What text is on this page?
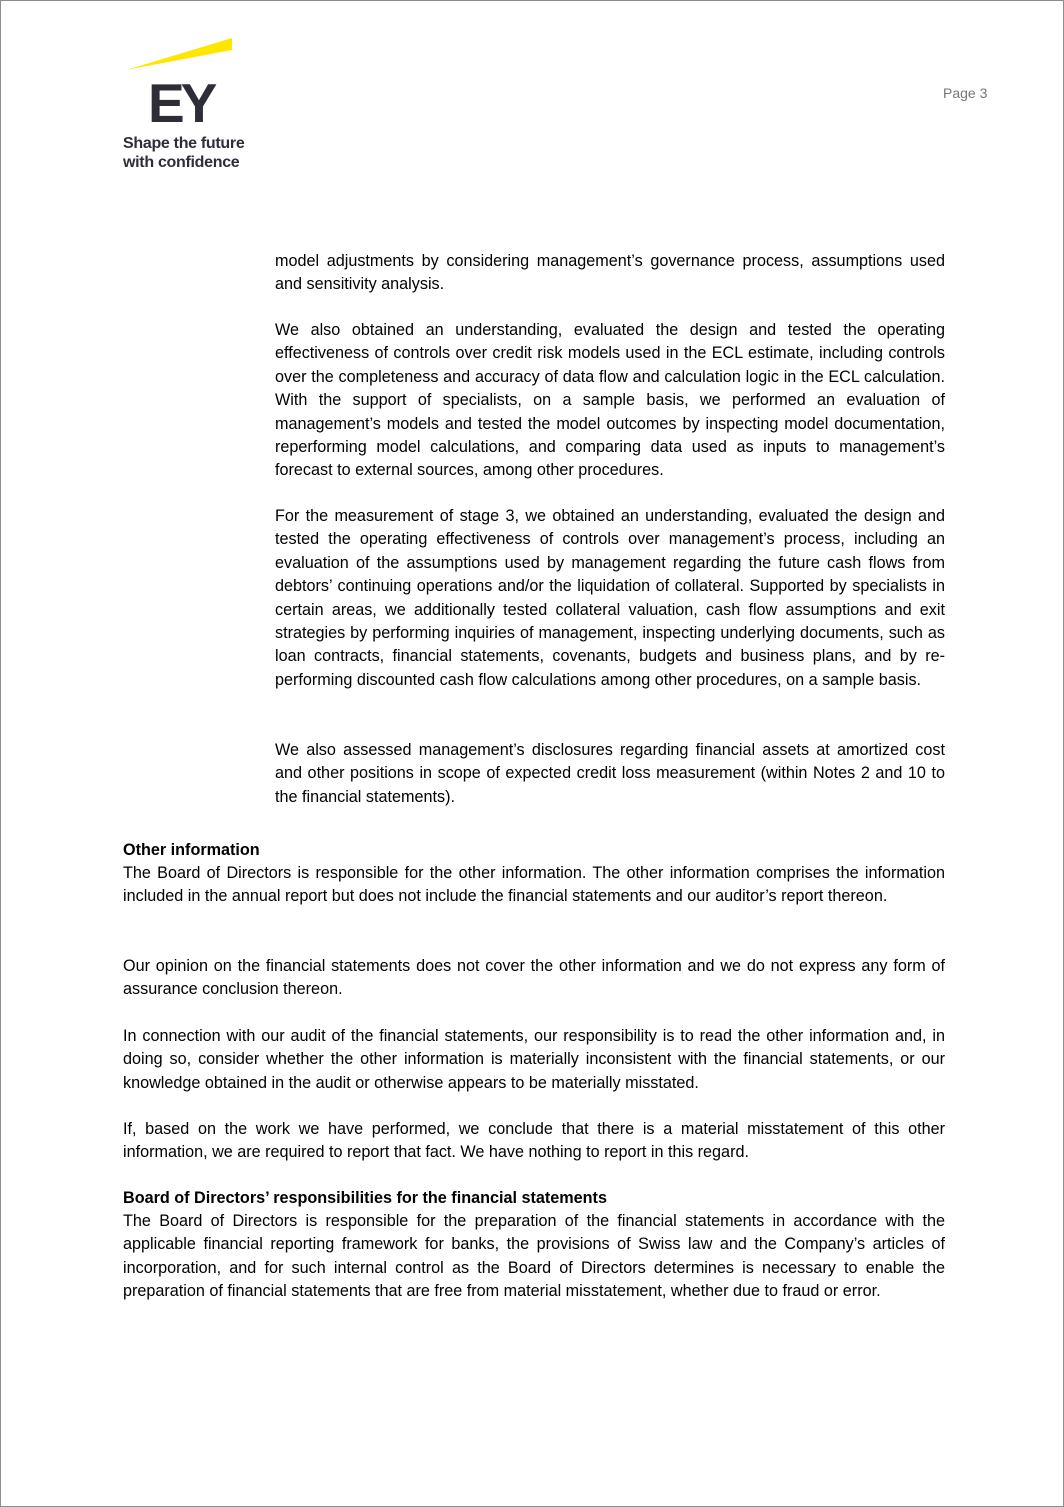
EY
Shape the future
with confidence
Page 3

model adjustments by considering management’s governance process, assumptions used and sensitivity analysis.

We also obtained an understanding, evaluated the design and tested the operating effectiveness of controls over credit risk models used in the ECL estimate, including controls over the completeness and accuracy of data flow and calculation logic in the ECL calculation. With the support of specialists, on a sample basis, we performed an evaluation of management’s models and tested the model outcomes by inspecting model documentation, reperforming model calculations, and comparing data used as inputs to management’s forecast to external sources, among other procedures.

For the measurement of stage 3, we obtained an understanding, evaluated the design and tested the operating effectiveness of controls over management’s process, including an evaluation of the assumptions used by management regarding the future cash flows from debtors’ continuing operations and/or the liquidation of collateral. Supported by specialists in certain areas, we additionally tested collateral valuation, cash flow assumptions and exit strategies by performing inquiries of management, inspecting underlying documents, such as loan contracts, financial statements, covenants, budgets and business plans, and by re-performing discounted cash flow calculations among other procedures, on a sample basis.

We also assessed management’s disclosures regarding financial assets at amortized cost and other positions in scope of expected credit loss measurement (within Notes 2 and 10 to the financial statements).

Other information

The Board of Directors is responsible for the other information. The other information comprises the information included in the annual report but does not include the financial statements and our auditor’s report thereon.

Our opinion on the financial statements does not cover the other information and we do not express any form of assurance conclusion thereon.

In connection with our audit of the financial statements, our responsibility is to read the other information and, in doing so, consider whether the other information is materially inconsistent with the financial statements, or our knowledge obtained in the audit or otherwise appears to be materially misstated.

If, based on the work we have performed, we conclude that there is a material misstatement of this other information, we are required to report that fact. We have nothing to report in this regard.

Board of Directors’ responsibilities for the financial statements

The Board of Directors is responsible for the preparation of the financial statements in accordance with the applicable financial reporting framework for banks, the provisions of Swiss law and the Company’s articles of incorporation, and for such internal control as the Board of Directors determines is necessary to enable the preparation of financial statements that are free from material misstatement, whether due to fraud or error.
